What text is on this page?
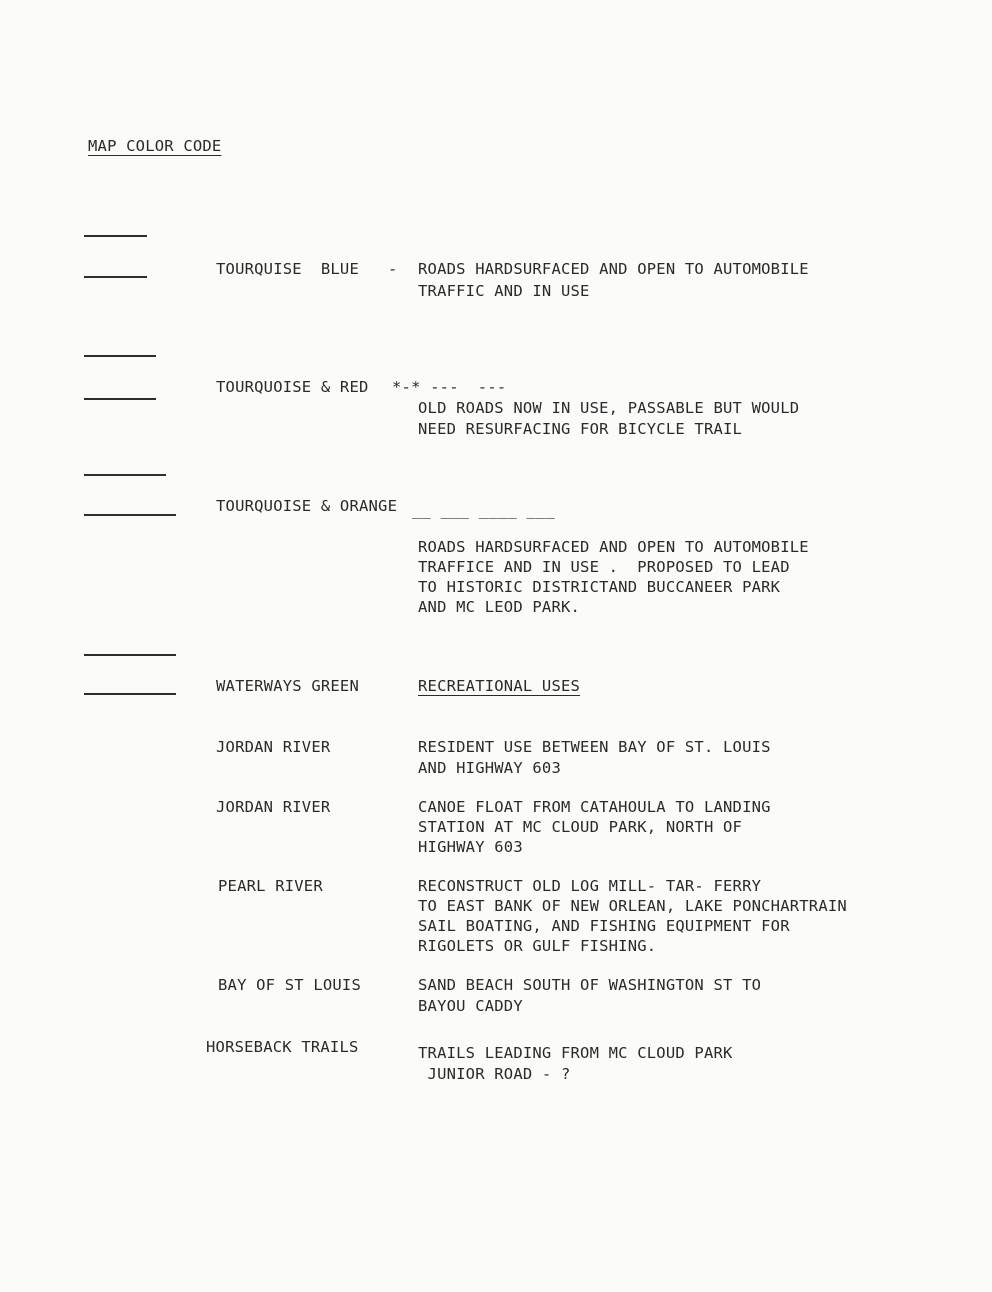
MAP COLOR CODE

TOURQUISE  BLUE - ROADS HARDSURFACED AND OPEN TO AUTOMOBILE

TRAFFIC AND IN USE

TOURQUOISE & RED *-* ---  ---

OLD ROADS NOW IN USE, PASSABLE BUT WOULD

NEED RESURFACING FOR BICYCLE TRAIL

TOURQUOISE & ORANGE __ ___ ____ ___

ROADS HARDSURFACED AND OPEN TO AUTOMOBILE

TRAFFICE AND IN USE .  PROPOSED TO LEAD

TO HISTORIC DISTRICTAND BUCCANEER PARK

AND MC LEOD PARK.

WATERWAYS GREEN	RECREATIONAL USES

JORDAN RIVER	RESIDENT USE BETWEEN BAY OF ST. LOUIS

AND HIGHWAY 603

JORDAN RIVER	CANOE FLOAT FROM CATAHOULA TO LANDING

STATION AT MC CLOUD PARK, NORTH OF

HIGHWAY 603

PEARL RIVER	RECONSTRUCT OLD LOG MILL- TAR- FERRY

TO EAST BANK OF NEW ORLEAN, LAKE PONCHARTRAIN

SAIL BOATING, AND FISHING EQUIPMENT FOR

RIGOLETS OR GULF FISHING.

BAY OF ST LOUIS	SAND BEACH SOUTH OF WASHINGTON ST TO

BAYOU CADDY

HORSEBACK TRAILS	TRAILS LEADING FROM MC CLOUD PARK

JUNIOR ROAD - ?
